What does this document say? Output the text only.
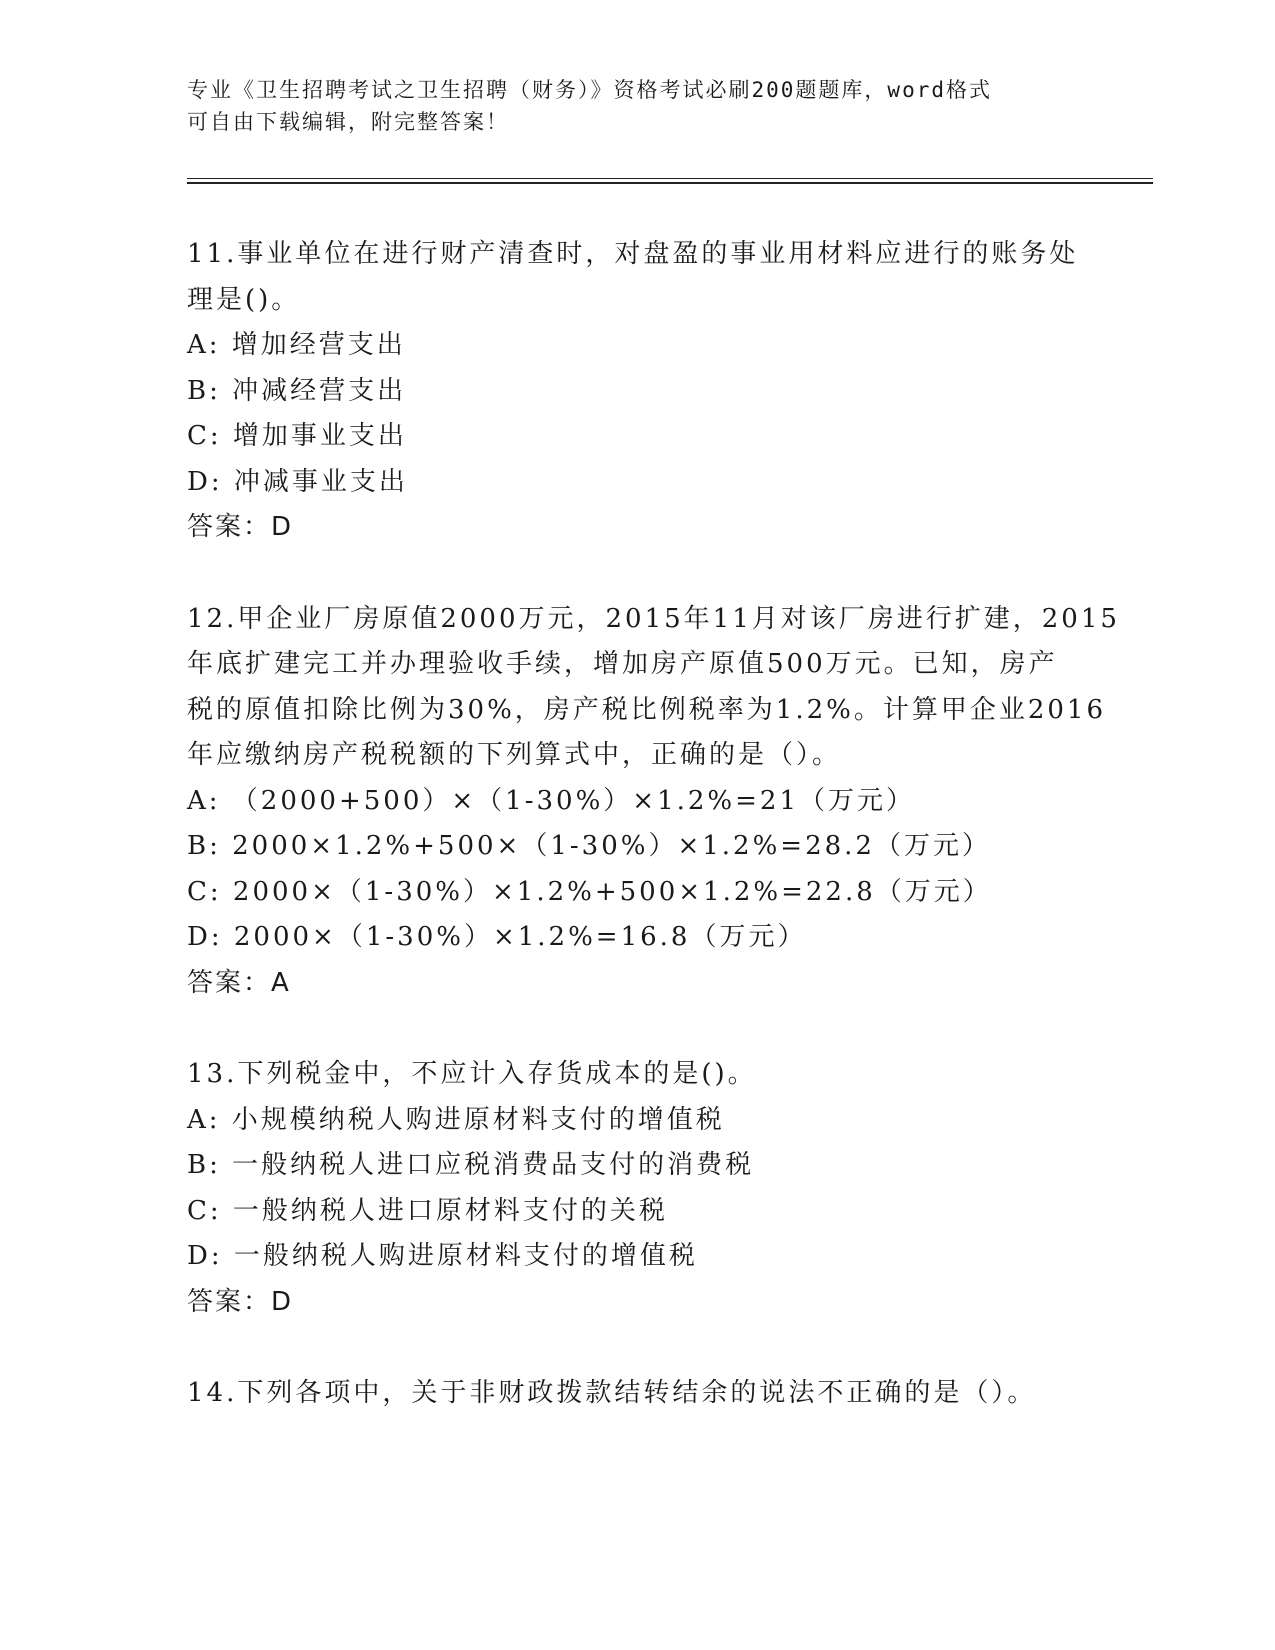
专业《卫生招聘考试之卫生招聘（财务）》资格考试必刷200题题库，word格式
可自由下载编辑，附完整答案！
11.事业单位在进行财产清查时，对盘盈的事业用材料应进行的账务处
理是()。
A: 增加经营支出
B: 冲减经营支出
C: 增加事业支出
D: 冲减事业支出
答案：D
12.甲企业厂房原值2000万元，2015年11月对该厂房进行扩建，2015
年底扩建完工并办理验收手续，增加房产原值500万元。已知，房产
税的原值扣除比例为30%，房产税比例税率为1.2%。计算甲企业2016
年应缴纳房产税税额的下列算式中，正确的是（）。
A: （2000+500）×（1-30%）×1.2%=21（万元）
B: 2000×1.2%+500×（1-30%）×1.2%=28.2（万元）
C: 2000×（1-30%）×1.2%+500×1.2%=22.8（万元）
D: 2000×（1-30%）×1.2%=16.8（万元）
答案：A
13.下列税金中，不应计入存货成本的是()。
A: 小规模纳税人购进原材料支付的增值税
B: 一般纳税人进口应税消费品支付的消费税
C: 一般纳税人进口原材料支付的关税
D: 一般纳税人购进原材料支付的增值税
答案：D
14.下列各项中，关于非财政拨款结转结余的说法不正确的是（）。
